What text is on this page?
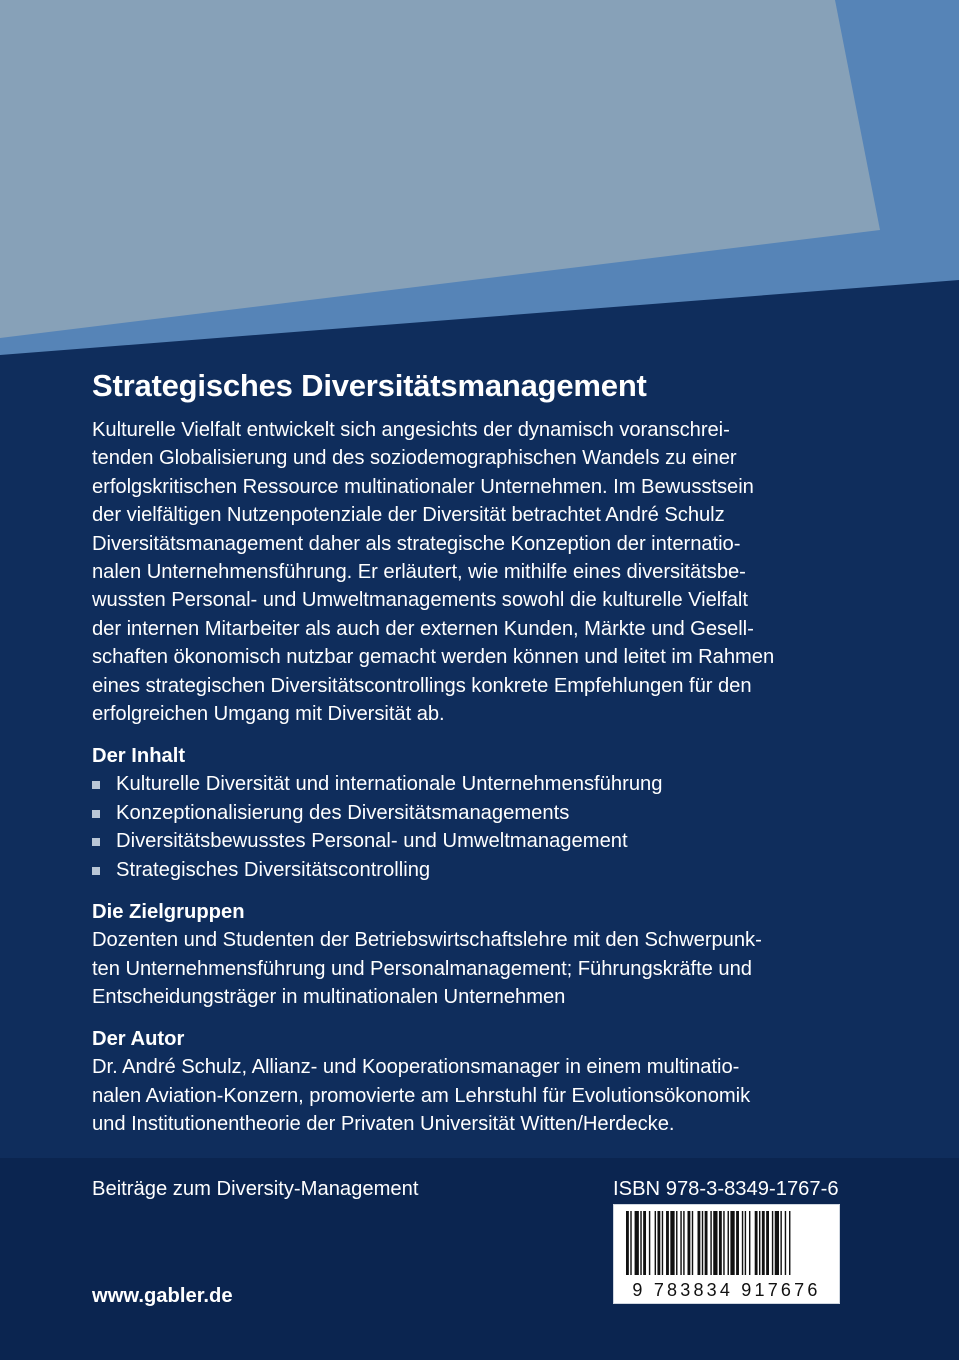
Strategisches Diversitätsmanagement

Kulturelle Vielfalt entwickelt sich angesichts der dynamisch voranschrei-
tenden Globalisierung und des soziodemographischen Wandels zu einer
erfolgskritischen Ressource multinationaler Unternehmen. Im Bewusstsein
der vielfältigen Nutzenpotenziale der Diversität betrachtet André Schulz
Diversitätsmanagement daher als strategische Konzeption der internatio-
nalen Unternehmensführung. Er erläutert, wie mithilfe eines diversitätsbe-
wussten Personal- und Umweltmanagements sowohl die kulturelle Vielfalt
der internen Mitarbeiter als auch der externen Kunden, Märkte und Gesell-
schaften ökonomisch nutzbar gemacht werden können und leitet im Rahmen
eines strategischen Diversitätscontrollings konkrete Empfehlungen für den
erfolgreichen Umgang mit Diversität ab.

Der Inhalt
Kulturelle Diversität und internationale Unternehmensführung
Konzeptionalisierung des Diversitätsmanagements
Diversitätsbewusstes Personal- und Umweltmanagement
Strategisches Diversitätscontrolling
Die Zielgruppen

Dozenten und Studenten der Betriebswirtschaftslehre mit den Schwerpunk-
ten Unternehmensführung und Personalmanagement; Führungskräfte und
Entscheidungsträger in multinationalen Unternehmen

Der Autor

Dr. André Schulz, Allianz- und Kooperationsmanager in einem multinatio-
nalen Aviation-Konzern, promovierte am Lehrstuhl für Evolutionsökonomik
und Institutionentheorie der Privaten Universität Witten/Herdecke.

Beiträge zum Diversity-Management	ISBN 978-3-8349-1767-6
9 783834 917676
www.gabler.de
